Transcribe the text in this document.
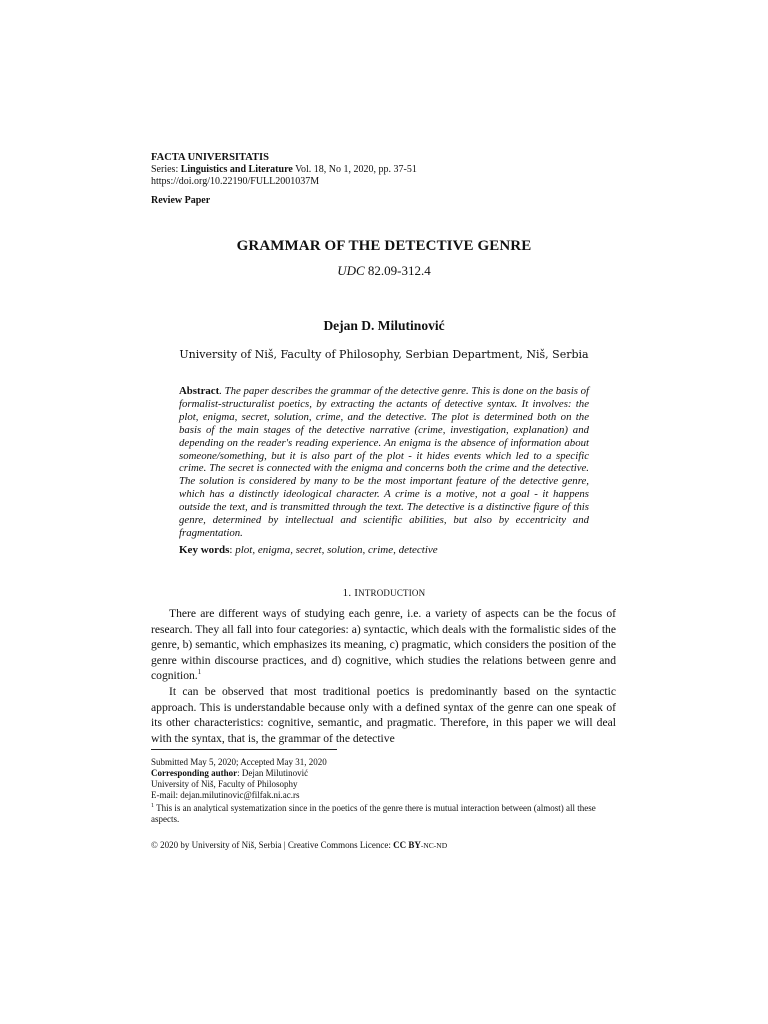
FACTA UNIVERSITATIS
Series: Linguistics and Literature Vol. 18, No 1, 2020, pp. 37-51
https://doi.org/10.22190/FULL2001037M
Review Paper
GRAMMAR OF THE DETECTIVE GENRE
UDC 82.09-312.4
Dejan D. Milutinović
University of Niš, Faculty of Philosophy, Serbian Department, Niš, Serbia
Abstract. The paper describes the grammar of the detective genre. This is done on the basis of formalist-structuralist poetics, by extracting the actants of detective syntax. It involves: the plot, enigma, secret, solution, crime, and the detective. The plot is determined both on the basis of the main stages of the detective narrative (crime, investigation, explanation) and depending on the reader's reading experience. An enigma is the absence of information about someone/something, but it is also part of the plot - it hides events which led to a specific crime. The secret is connected with the enigma and concerns both the crime and the detective. The solution is considered by many to be the most important feature of the detective genre, which has a distinctly ideological character. A crime is a motive, not a goal - it happens outside the text, and is transmitted through the text. The detective is a distinctive figure of this genre, determined by intellectual and scientific abilities, but also by eccentricity and fragmentation.
Key words: plot, enigma, secret, solution, crime, detective
1. INTRODUCTION

There are different ways of studying each genre, i.e. a variety of aspects can be the focus of research. They all fall into four categories: a) syntactic, which deals with the formalistic sides of the genre, b) semantic, which emphasizes its meaning, c) pragmatic, which considers the position of the genre within discourse practices, and d) cognitive, which studies the relations between genre and cognition.$^1$

It can be observed that most traditional poetics is predominantly based on the syntactic approach. This is understandable because only with a defined syntax of the genre can one speak of its other characteristics: cognitive, semantic, and pragmatic. Therefore, in this paper we will deal with the syntax, that is, the grammar of the detective

Submitted May 5, 2020; Accepted May 31, 2020
Corresponding author: Dejan Milutinović
University of Niš, Faculty of Philosophy
E-mail: dejan.milutinovic@filfak.ni.ac.rs
$^1$ This is an analytical systematization since in the poetics of the genre there is mutual interaction between (almost) all these aspects.
© 2020 by University of Niš, Serbia | Creative Commons Licence: CC BY-NC-ND
